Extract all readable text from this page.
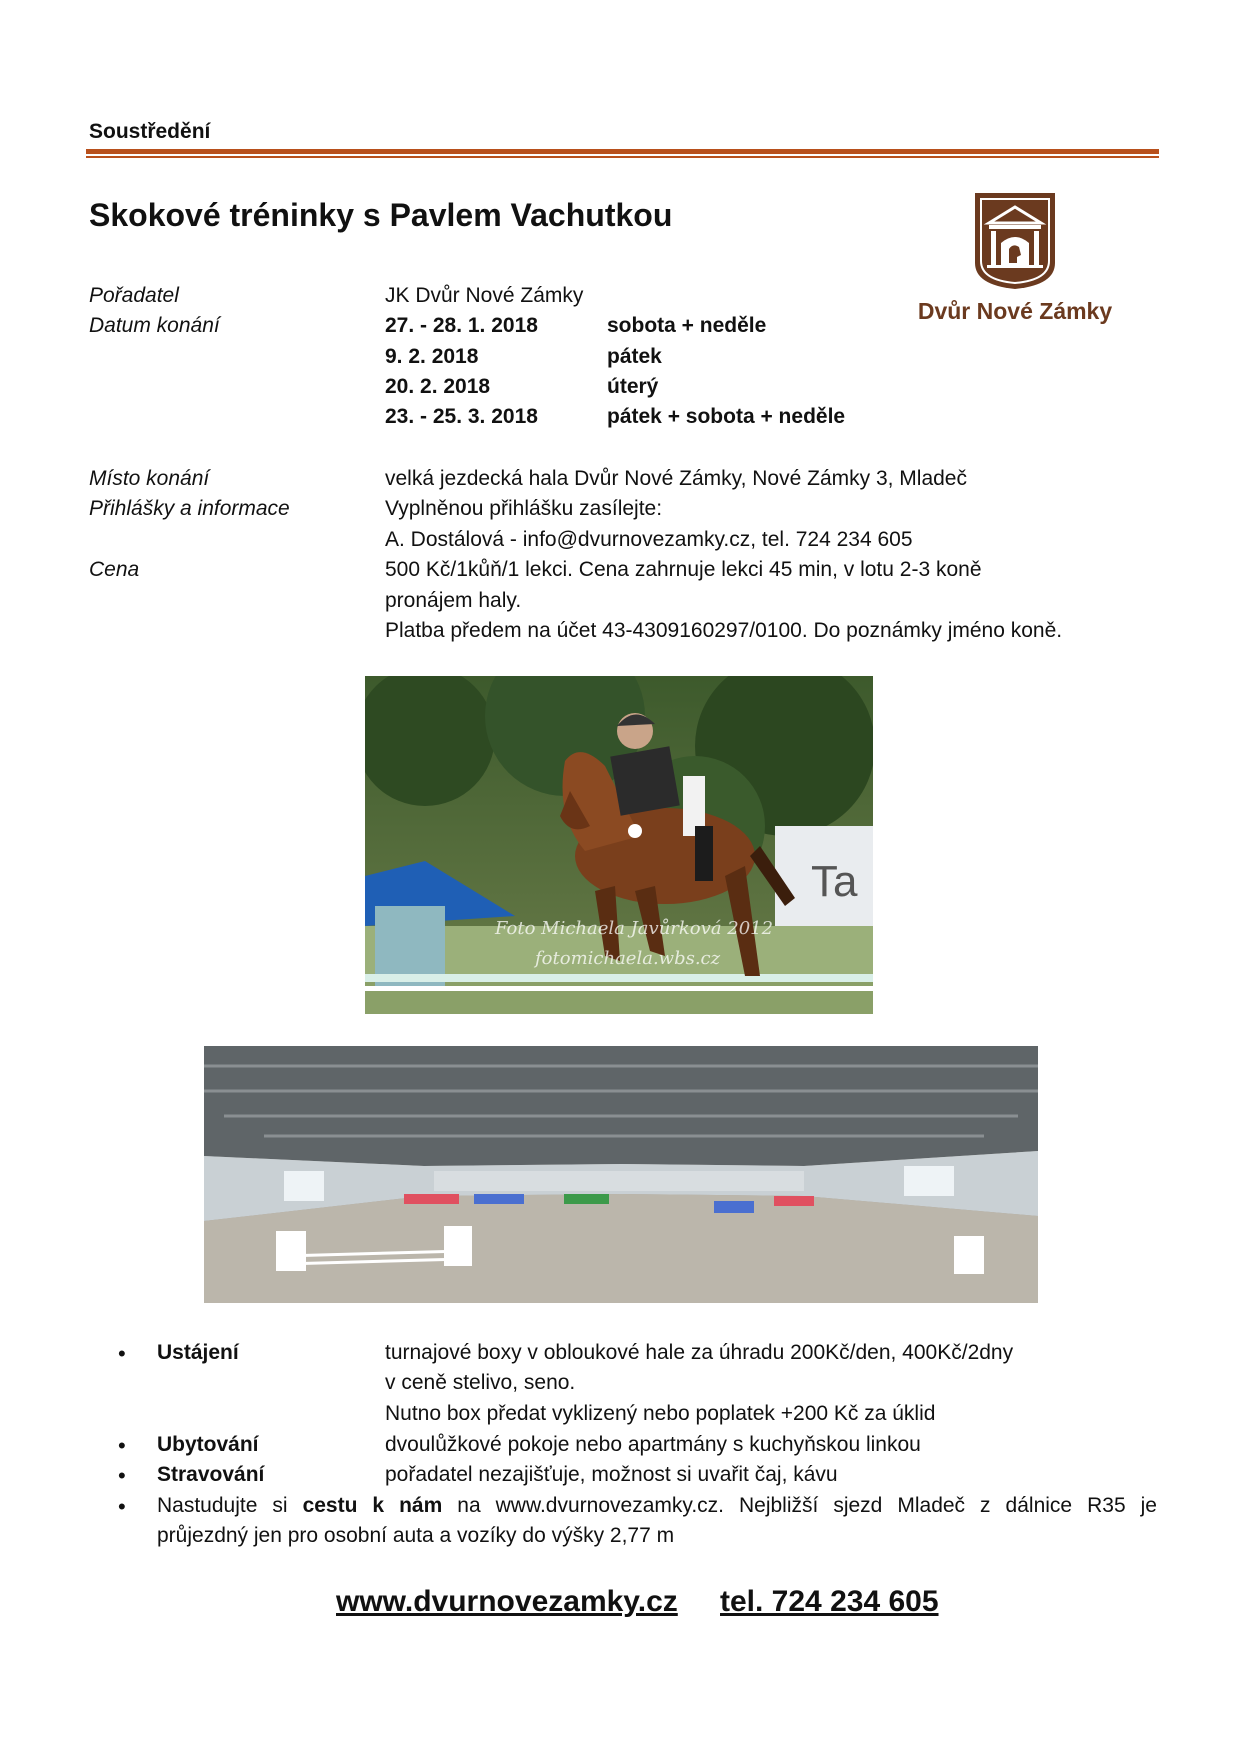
Soustředění
Skokové tréninky s Pavlem Vachutkou
Dvůr Nové Zámky
Pořadatel	JK Dvůr Nové Zámky
Datum konání	27. - 28. 1. 2018	sobota + neděle
9. 2. 2018	pátek
20. 2. 2018	úterý
23. - 25. 3. 2018	pátek + sobota + neděle
Místo konání	velká jezdecká hala Dvůr Nové Zámky, Nové Zámky 3, Mladeč
Přihlášky a informace	Vyplněnou přihlášku zasílejte:
A. Dostálová - info@dvurnovezamky.cz, tel. 724 234 605
Cena	500 Kč/1kůň/1 lekci. Cena zahrnuje lekci 45 min, v lotu 2-3 koně
pronájem haly.
Platba předem na účet 43-4309160297/0100. Do poznámky jméno koně.
Ta
Foto Michaela Javůrková 2012
fotomichaela.wbs.cz
• Ustájení	turnajové boxy v obloukové hale za úhradu 200Kč/den, 400Kč/2dny
v ceně stelivo, seno.
Nutno box předat vyklizený nebo poplatek +200 Kč za úklid
• Ubytování	dvoulůžkové pokoje nebo apartmány s kuchyňskou linkou
• Stravování	pořadatel nezajišťuje, možnost si uvařit čaj, kávu
• Nastudujte si cestu k nám na www.dvurnovezamky.cz. Nejbližší sjezd Mladeč z dálnice R35 je
průjezdný jen pro osobní auta a vozíky do výšky 2,77 m
www.dvurnovezamky.cz tel. 724 234 605
